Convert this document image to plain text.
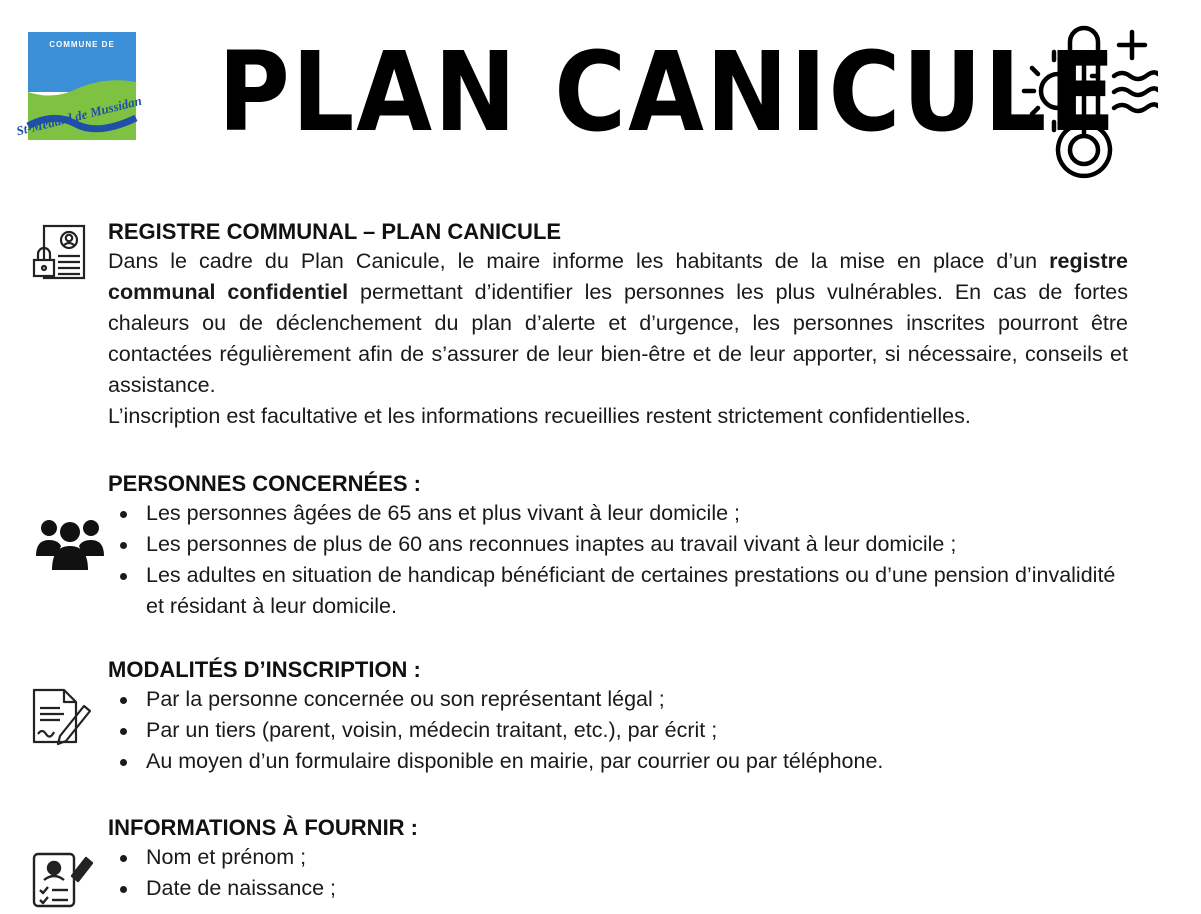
COMMUNE DE
St-Médard de Mussidan PLAN CANICULE
REGISTRE COMMUNAL – PLAN CANICULE

Dans le cadre du Plan Canicule, le maire informe les habitants de la mise en place d’un registre communal confidentiel permettant d’identifier les personnes les plus vulnérables. En cas de fortes chaleurs ou de déclenchement du plan d’alerte et d’urgence, les personnes inscrites pourront être contactées régulièrement afin de s’assurer de leur bien-être et de leur apporter, si nécessaire, conseils et assistance.

L’inscription est facultative et les informations recueillies restent strictement confidentielles.

PERSONNES CONCERNÉES :
Les personnes âgées de 65 ans et plus vivant à leur domicile ;
Les personnes de plus de 60 ans reconnues inaptes au travail vivant à leur domicile ;
Les adultes en situation de handicap bénéficiant de certaines prestations ou d’une pension d’invalidité et résidant à leur domicile.
MODALITÉS D’INSCRIPTION :
Par la personne concernée ou son représentant légal ;
Par un tiers (parent, voisin, médecin traitant, etc.), par écrit ;
Au moyen d’un formulaire disponible en mairie, par courrier ou par téléphone.
INFORMATIONS À FOURNIR :
Nom et prénom ;
Date de naissance ;
